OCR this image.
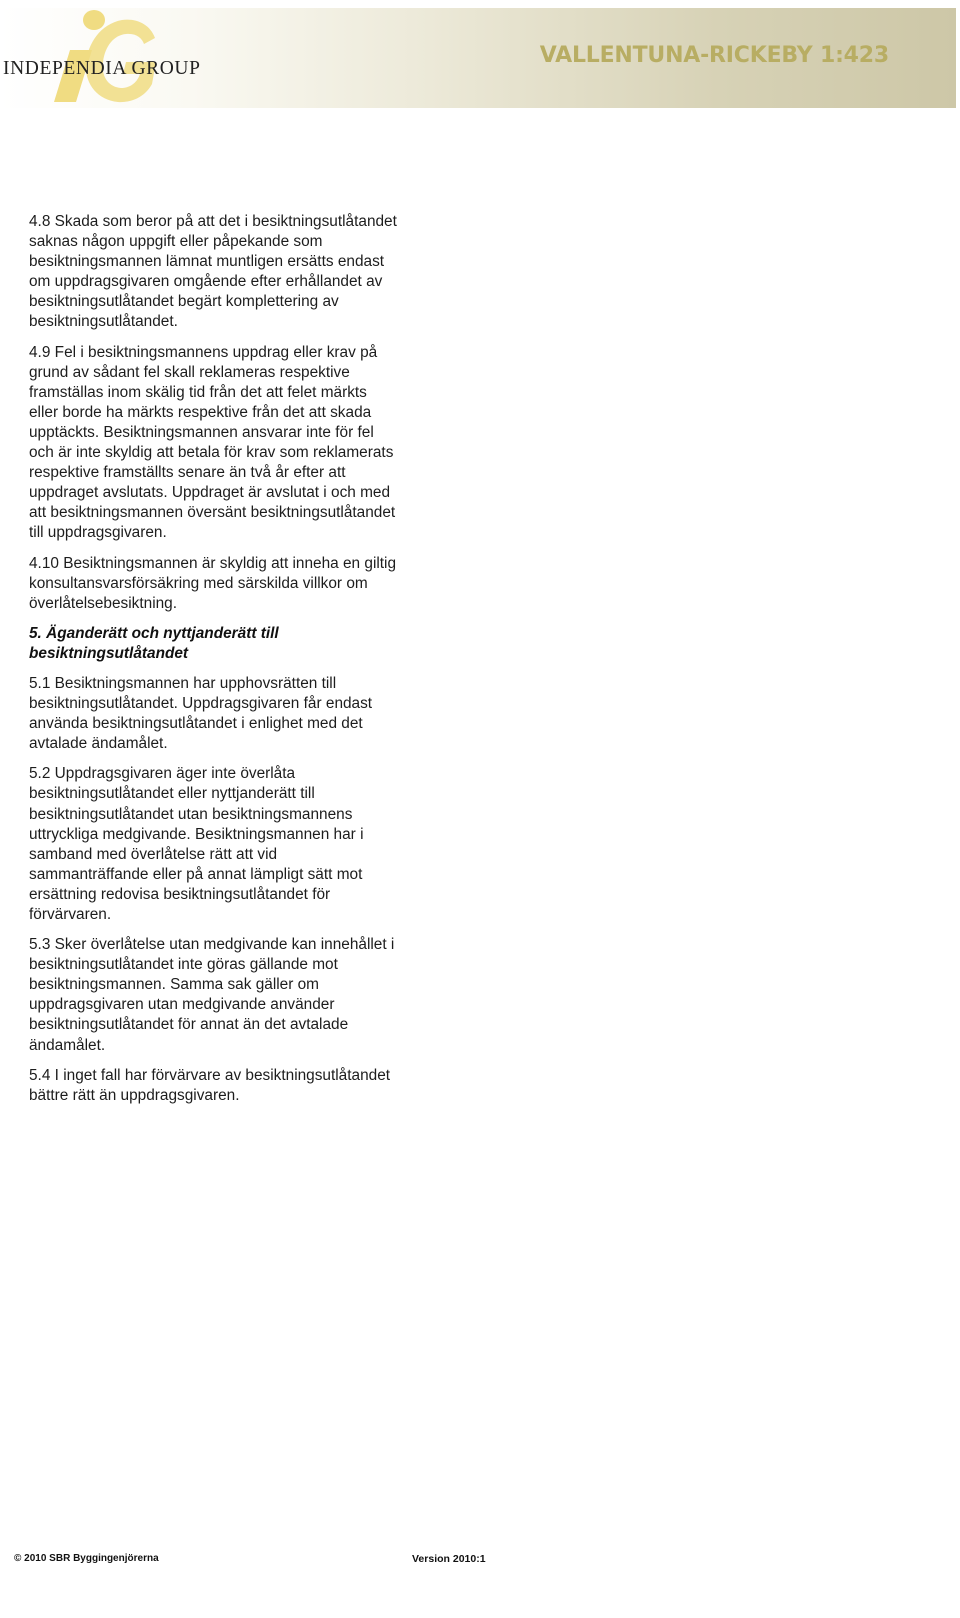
INDEPENDIA GROUP
VALLENTUNA-RICKEBY 1:423

4.8 Skada som beror på att det i besiktningsutlåtandet saknas någon uppgift eller påpekande som besiktningsmannen lämnat muntligen ersätts endast om uppdragsgivaren omgående efter erhållandet av besiktningsutlåtandet begärt komplettering av besiktningsutlåtandet.

4.9 Fel i besiktningsmannens uppdrag eller krav på grund av sådant fel skall reklameras respektive framställas inom skälig tid från det att felet märkts eller borde ha märkts respektive från det att skada upptäckts. Besiktningsmannen ansvarar inte för fel och är inte skyldig att betala för krav som reklamerats respektive framställts senare än två år efter att uppdraget avslutats. Uppdraget är avslutat i och med att besiktningsmannen översänt besiktningsutlåtandet till uppdragsgivaren.

4.10 Besiktningsmannen är skyldig att inneha en giltig konsultansvarsförsäkring med särskilda villkor om överlåtelsebesiktning.

5. Äganderätt och nyttjanderätt till besiktningsutlåtandet

5.1 Besiktningsmannen har upphovsrätten till besiktningsutlåtandet. Uppdragsgivaren får endast använda besiktningsutlåtandet i enlighet med det avtalade ändamålet.

5.2 Uppdragsgivaren äger inte överlåta besiktningsutlåtandet eller nyttjanderätt till besiktningsutlåtandet utan besiktningsmannens uttryckliga medgivande. Besiktningsmannen har i samband med överlåtelse rätt att vid sammanträffande eller på annat lämpligt sätt mot ersättning redovisa besiktningsutlåtandet för förvärvaren.

5.3 Sker överlåtelse utan medgivande kan innehållet i besiktningsutlåtandet inte göras gällande mot besiktningsmannen. Samma sak gäller om uppdragsgivaren utan medgivande använder besiktningsutlåtandet för annat än det avtalade ändamålet.

5.4 I inget fall har förvärvare av besiktningsutlåtandet bättre rätt än uppdragsgivaren.

© 2010 SBR Byggingenjörerna	Version 2010:1
